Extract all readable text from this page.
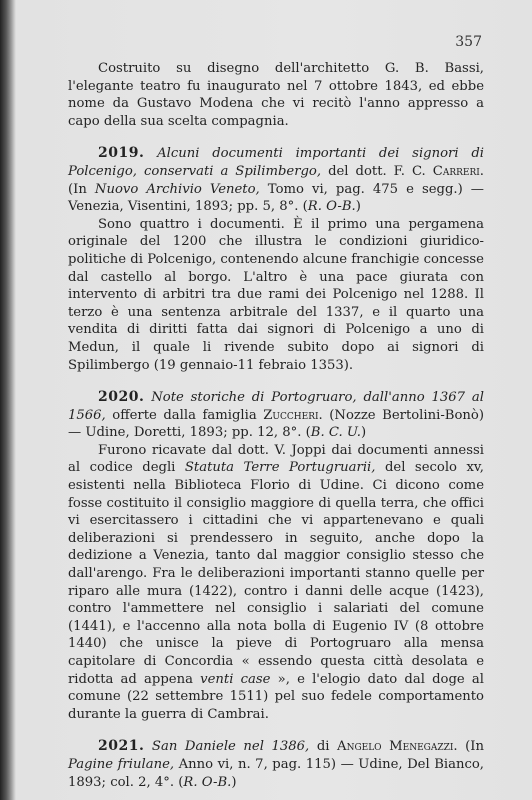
357

Costruito su disegno dell'architetto G. B. Bassi, l'elegante teatro fu inaugurato nel 7 ottobre 1843, ed ebbe nome da Gustavo Modena che vi recitò l'anno appresso a capo della sua scelta compagnia.

2019. Alcuni documenti importanti dei signori di Polcenigo, conservati a Spilimbergo, del dott. F. C. Carreri. (In Nuovo Archivio Veneto, Tomo vi, pag. 475 e segg.) — Venezia, Visentini, 1893; pp. 5, 8°. (R. O-B.)

Sono quattro i documenti. È il primo una pergamena originale del 1200 che illustra le condizioni giuridico-politiche di Polcenigo, contenendo alcune franchigie concesse dal castello al borgo. L'altro è una pace giurata con intervento di arbitri tra due rami dei Polcenigo nel 1288. Il terzo è una sentenza arbitrale del 1337, e il quarto una vendita di diritti fatta dai signori di Polcenigo a uno di Medun, il quale li rivende subito dopo ai signori di Spilimbergo (19 gennaio-11 febraio 1353).

2020. Note storiche di Portogruaro, dall'anno 1367 al 1566, offerte dalla famiglia Zuccheri. (Nozze Bertolini-Bonò) — Udine, Doretti, 1893; pp. 12, 8°. (B. C. U.)

Furono ricavate dal dott. V. Joppi dai documenti annessi al codice degli Statuta Terre Portugruarii, del secolo xv, esistenti nella Biblioteca Florio di Udine. Ci dicono come fosse costituito il consiglio maggiore di quella terra, che offici vi esercitassero i cittadini che vi appartenevano e quali deliberazioni si prendessero in seguito, anche dopo la dedizione a Venezia, tanto dal maggior consiglio stesso che dall'arengo. Fra le deliberazioni importanti stanno quelle per riparo alle mura (1422), contro i danni delle acque (1423), contro l'ammettere nel consiglio i salariati del comune (1441), e l'accenno alla nota bolla di Eugenio IV (8 ottobre 1440) che unisce la pieve di Portogruaro alla mensa capitolare di Concordia « essendo questa città desolata e ridotta ad appena venti case », e l'elogio dato dal doge al comune (22 settembre 1511) pel suo fedele comportamento durante la guerra di Cambrai.

2021. San Daniele nel 1386, di Angelo Menegazzi. (In Pagine friulane, Anno vi, n. 7, pag. 115) — Udine, Del Bianco, 1893; col. 2, 4°. (R. O-B.)
